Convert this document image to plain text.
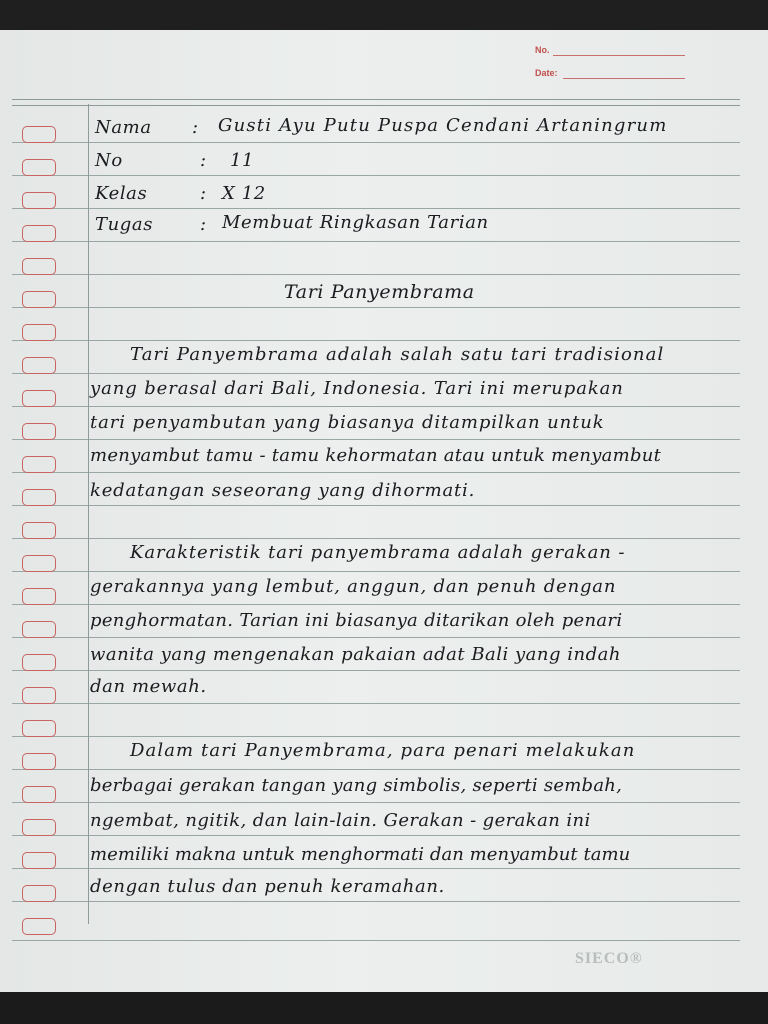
No.
Date:
Nama : Gusti Ayu Putu Puspa Cendani Artaningrum
No	: 11
Kelas	: X 12
Tugas	: Membuat Ringkasan Tarian
Tari Panyembrama
Tari Panyembrama adalah salah satu tari tradisional
yang berasal dari Bali, Indonesia. Tari ini merupakan
tari penyambutan yang biasanya ditampilkan untuk
menyambut tamu - tamu kehormatan atau untuk menyambut
kedatangan seseorang yang dihormati.
Karakteristik tari panyembrama adalah gerakan -
gerakannya yang lembut, anggun, dan penuh dengan
penghormatan. Tarian ini biasanya ditarikan oleh penari
wanita yang mengenakan pakaian adat Bali yang indah
dan mewah.
Dalam tari Panyembrama, para penari melakukan
berbagai gerakan tangan yang simbolis, seperti sembah,
ngembat, ngitik, dan lain-lain. Gerakan - gerakan ini
memiliki makna untuk menghormati dan menyambut tamu
dengan tulus dan penuh keramahan.
SIECO®
